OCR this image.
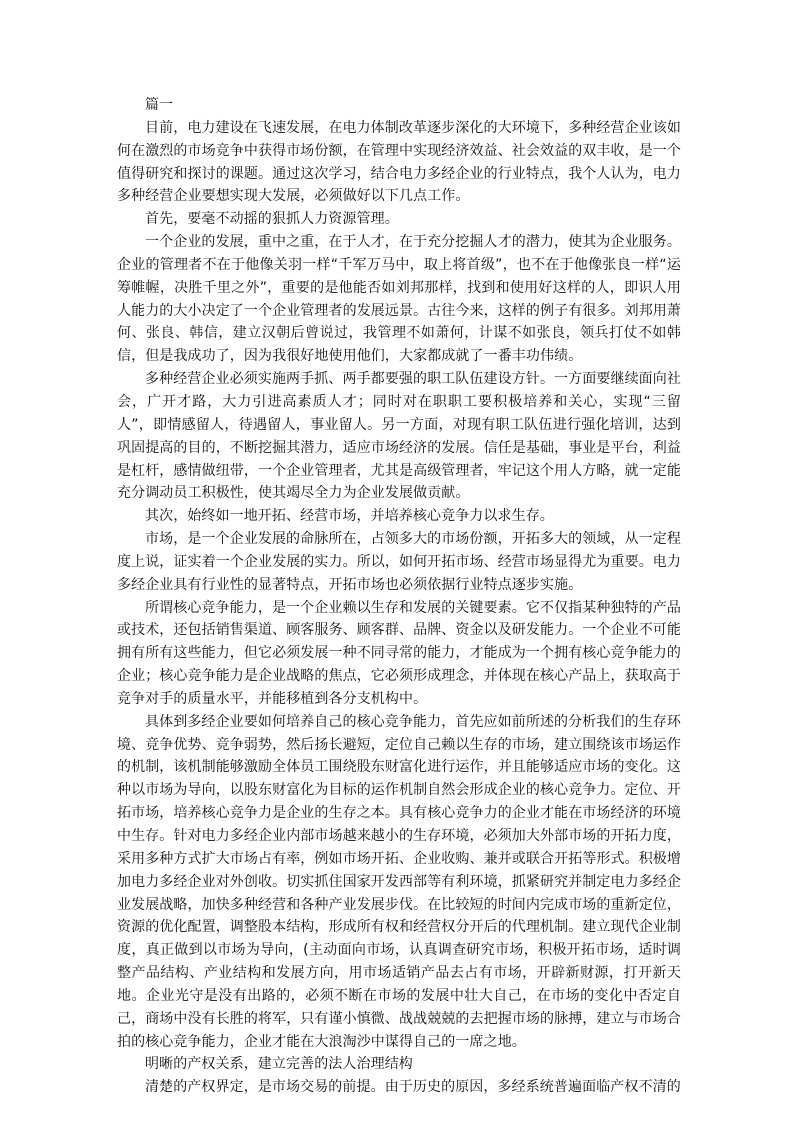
篇一

目前，电力建设在飞速发展，在电力体制改革逐步深化的大环境下，多种经营企业该如何在激烈的市场竞争中获得市场份额，在管理中实现经济效益、社会效益的双丰收，是一个值得研究和探讨的课题。通过这次学习，结合电力多经企业的行业特点，我个人认为，电力多种经营企业要想实现大发展，必须做好以下几点工作。

首先，要毫不动摇的狠抓人力资源管理。

一个企业的发展，重中之重，在于人才，在于充分挖掘人才的潜力，使其为企业服务。企业的管理者不在于他像关羽一样“千军万马中，取上将首级”，也不在于他像张良一样“运筹帷幄，决胜千里之外”，重要的是他能否如刘邦那样，找到和使用好这样的人，即识人用人能力的大小决定了一个企业管理者的发展远景。古往今来，这样的例子有很多。刘邦用萧何、张良、韩信，建立汉朝后曾说过，我管理不如萧何，计谋不如张良，领兵打仗不如韩信，但是我成功了，因为我很好地使用他们，大家都成就了一番丰功伟绩。

多种经营企业必须实施两手抓、两手都要强的职工队伍建设方针。一方面要继续面向社会，广开才路，大力引进高素质人才；同时对在职职工要积极培养和关心，实现“三留人”，即情感留人，待遇留人，事业留人。另一方面，对现有职工队伍进行强化培训，达到巩固提高的目的，不断挖掘其潜力，适应市场经济的发展。信任是基础，事业是平台，利益是杠杆，感情做纽带，一个企业管理者，尤其是高级管理者，牢记这个用人方略，就一定能充分调动员工积极性，使其竭尽全力为企业发展做贡献。

其次，始终如一地开拓、经营市场，并培养核心竞争力以求生存。

市场，是一个企业发展的命脉所在，占领多大的市场份额，开拓多大的领域，从一定程度上说，证实着一个企业发展的实力。所以，如何开拓市场、经营市场显得尤为重要。电力多经企业具有行业性的显著特点，开拓市场也必须依据行业特点逐步实施。

所谓核心竞争能力，是一个企业赖以生存和发展的关键要素。它不仅指某种独特的产品或技术，还包括销售渠道、顾客服务、顾客群、品牌、资金以及研发能力。一个企业不可能拥有所有这些能力，但它必须发展一种不同寻常的能力，才能成为一个拥有核心竞争能力的企业；核心竞争能力是企业战略的焦点，它必须形成理念，并体现在核心产品上，获取高于竞争对手的质量水平，并能移植到各分支机构中。

具体到多经企业要如何培养自己的核心竞争能力，首先应如前所述的分析我们的生存环境、竞争优势、竞争弱势，然后扬长避短，定位自己赖以生存的市场，建立围绕该市场运作的机制，该机制能够激励全体员工围绕股东财富化进行运作，并且能够适应市场的变化。这种以市场为导向，以股东财富化为目标的运作机制自然会形成企业的核心竞争力。定位、开拓市场，培养核心竞争力是企业的生存之本。具有核心竞争力的企业才能在市场经济的环境中生存。针对电力多经企业内部市场越来越小的生存环境，必须加大外部市场的开拓力度，采用多种方式扩大市场占有率，例如市场开拓、企业收购、兼并或联合开拓等形式。积极增加电力多经企业对外创收。切实抓住国家开发西部等有利环境，抓紧研究并制定电力多经企业发展战略，加快多种经营和各种产业发展步伐。在比较短的时间内完成市场的重新定位，资源的优化配置，调整股本结构，形成所有权和经营权分开后的代理机制。建立现代企业制度，真正做到以市场为导向，(主动面向市场，认真调查研究市场，积极开拓市场，适时调整产品结构、产业结构和发展方向，用市场适销产品去占有市场，开辟新财源，打开新天地。企业光守是没有出路的，必须不断在市场的发展中壮大自己，在市场的变化中否定自己，商场中没有长胜的将军，只有谨小慎微、战战兢兢的去把握市场的脉搏，建立与市场合拍的核心竞争能力，企业才能在大浪淘沙中谋得自己的一席之地。

明晰的产权关系，建立完善的法人治理结构

清楚的产权界定，是市场交易的前提。由于历史的原因，多经系统普遍面临产权不清的
